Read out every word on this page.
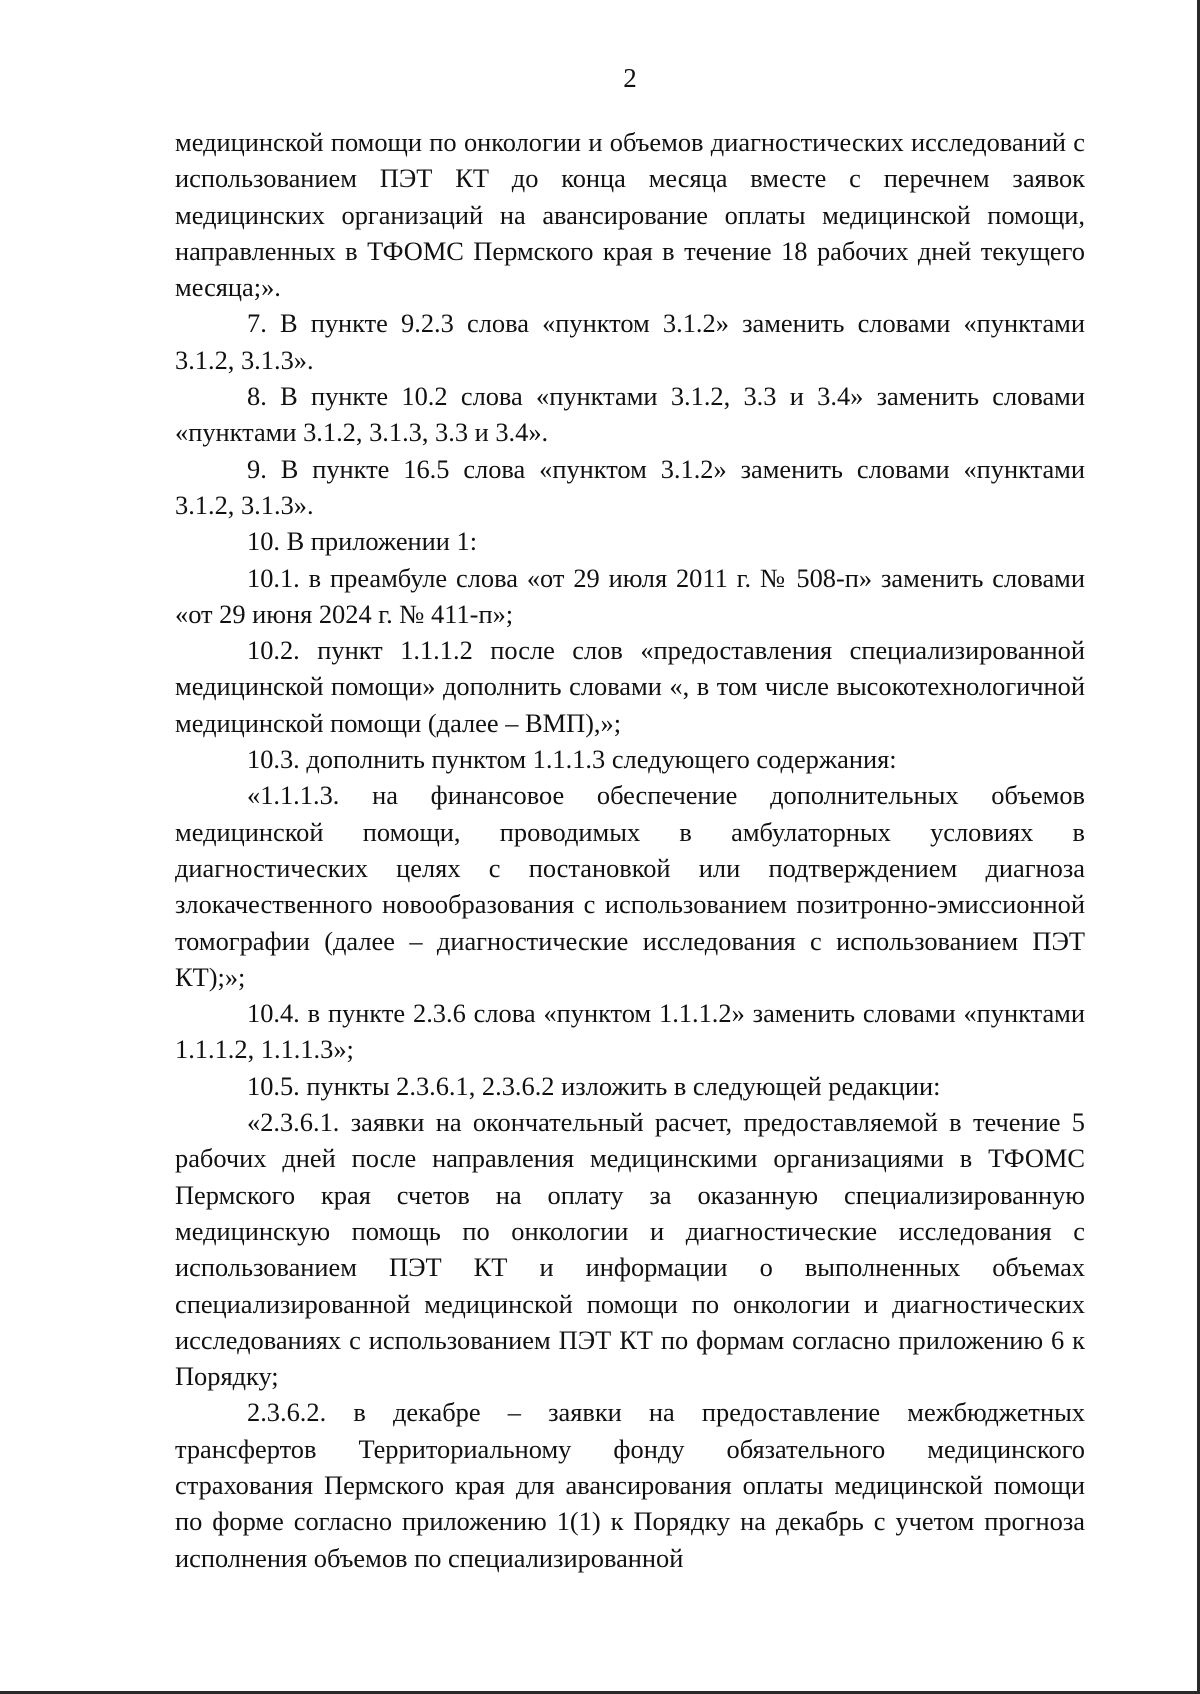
2

медицинской помощи по онкологии и объемов диагностических исследований с использованием ПЭТ КТ до конца месяца вместе с перечнем заявок медицинских организаций на авансирование оплаты медицинской помощи, направленных в ТФОМС Пермского края в течение 18 рабочих дней текущего месяца;».

7. В пункте 9.2.3 слова «пунктом 3.1.2» заменить словами «пунктами 3.1.2, 3.1.3».

8. В пункте 10.2 слова «пунктами 3.1.2, 3.3 и 3.4» заменить словами «пунктами 3.1.2, 3.1.3, 3.3 и 3.4».

9. В пункте 16.5 слова «пунктом 3.1.2» заменить словами «пунктами 3.1.2, 3.1.3».

10. В приложении 1:

10.1. в преамбуле слова «от 29 июля 2011 г. № 508-п» заменить словами «от 29 июня 2024 г. № 411-п»;

10.2. пункт 1.1.1.2 после слов «предоставления специализированной медицинской помощи» дополнить словами «, в том числе высокотехнологичной медицинской помощи (далее – ВМП),»;

10.3. дополнить пунктом 1.1.1.3 следующего содержания:

«1.1.1.3. на финансовое обеспечение дополнительных объемов медицинской помощи, проводимых в амбулаторных условиях в диагностических целях с постановкой или подтверждением диагноза злокачественного новообразования с использованием позитронно-эмиссионной томографии (далее – диагностические исследования с использованием ПЭТ КТ);»;

10.4. в пункте 2.3.6 слова «пунктом 1.1.1.2» заменить словами «пунктами 1.1.1.2, 1.1.1.3»;

10.5. пункты 2.3.6.1, 2.3.6.2 изложить в следующей редакции:

«2.3.6.1. заявки на окончательный расчет, предоставляемой в течение 5 рабочих дней после направления медицинскими организациями в ТФОМС Пермского края счетов на оплату за оказанную специализированную медицинскую помощь по онкологии и диагностические исследования с использованием ПЭТ КТ и информации о выполненных объемах специализированной медицинской помощи по онкологии и диагностических исследованиях с использованием ПЭТ КТ по формам согласно приложению 6 к Порядку;

2.3.6.2. в декабре – заявки на предоставление межбюджетных трансфертов Территориальному фонду обязательного медицинского страхования Пермского края для авансирования оплаты медицинской помощи по форме согласно приложению 1(1) к Порядку на декабрь с учетом прогноза исполнения объемов по специализированной
